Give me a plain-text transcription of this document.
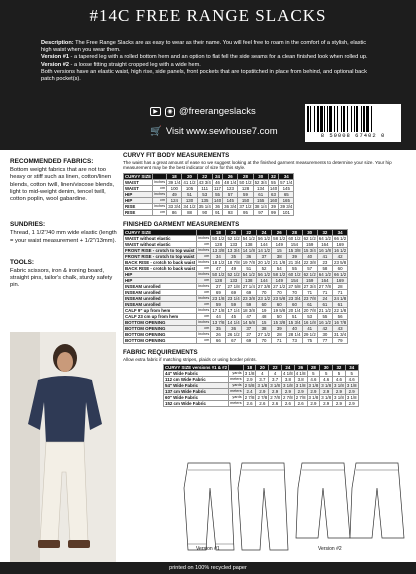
#14C FREE RANGE SLACKS

Description: The Free Range Slacks are as easy to wear as their name. You will feel free to roam in the comfort of a stylish, elastic high waist when you wear them.

Version #1 - a tapered leg with a rolled bottom hem and an option to flat fell the side seams for a clean finished look when rolled up.

Version #2 - a loose fitting straight cropped leg with a wide hem.

Both versions have an elastic waist, high rise, side panels, front pockets that are topstitched in place from behind, and optional back patch pocket(s).

▶	◉ @freerangeslacks
🛒 Visit www.sewhouse7.com	8 50008 67402 0
RECOMMENDED FABRICS:
Bottom weight fabrics that are not too heavy or stiff such as linen, cotton/linen blends, cotton twill, linen/viscose blends, light to mid-weight denim, tencel twill, cotton poplin, wool gabardine.
SUNDRIES:
Thread, 1 1/2"/40 mm wide elastic (length = your waist measurement + 1/2"/13mm).
TOOLS:
Fabric scissors, iron & ironing board, straight pins, tailor's chalk, sturdy safety pin.
CURVY FIT BODY MEASUREMENTS
The waist has a great amount of ease so we suggest looking at the finished garment measurements to determine your size. Your hip measurement may be the best indicator of size for this style.
CURVY SIZE		18	20	22	24	26	28	30	32	34
WAIST	inches	39 1/4	41 1/2	43 3/4	46	48 1/4	50 1/2	52 3/4	55	57 1/4
WAIST	cm	100	105	111	117	123	128	134	140	145
HIP	inches	49	51	53	55	57	59	61	63	65
HIP	cm	124	130	135	140	145	150	155	160	165
RISE	inches	33 3/4	34 1/2	35 1/4	36	36 3/4	37 1/2	38 1/4	39	39 3/4
RISE	cm	86	88	90	91	93	95	97	99	101
FINISHED GARMENT MEASUREMENTS
CURVY SIZE		18	20	22	24	26	28	30	32	34
WAIST without elastic	inches	50 1/2	52 1/2	54 1/2	56 1/2	58 1/2	60 1/2	62 1/2	64 1/2	66 1/2
WAIST without elastic	cm	128	133	138	144	149	154	159	164	169
FRONT RISE - crotch to top waist	inches	13 3/8	13 3/4	14 1/8	14 1/2	15	15 3/8	15 3/4	16 1/8	16 1/2
FRONT RISE - crotch to top waist	cm	34	35	36	37	38	39	40	41	42
BACK RISE - crotch to back waist	inches	18 1/2	18 7/8	19 7/8	20 1/2	21 1/8	21 3/4	22 3/8	23	23 5/8
BACK RISE - crotch to back waist	cm	47	49	51	52	54	55	57	58	60
HIP	inches	50 1/2	52 1/2	54 1/2	56 1/2	58 1/2	60 1/2	62 1/2	64 1/2	66 1/2
HIP	cm	128	133	138	144	149	154	159	164	169
INSEAM unrolled	inches	27	27 1/8	27 1/4	27 3/8	27 1/2	27 5/8	27 3/4	27 7/8	28
INSEAM unrolled	cm	69	69	69	70	70	70	71	71	71
INSEAM unrolled	inches	23 1/8	23 1/4	23 3/8	23 1/2	23 5/8	23 3/4	23 7/8	24	24 1/8
INSEAM unrolled	cm	59	59	59	60	60	60	61	61	61
CALF 9" up from hem	inches	17 1/8	17 1/4	18 3/8	19	19 5/8	20 1/4	20 7/8	21 1/2	22 1/8
CALF 23 cm up from hem	cm	44	45	47	48	50	51	53	55	56
BOTTOM OPENING	inches	13 7/8	14 1/4	14 5/8	15	15 3/8	15 3/4	16 1/8	16 1/2	16 7/8
BOTTOM OPENING	cm	35	36	37	38	39	40	41	42	43
BOTTOM OPENING	inches	26	26 1/2	27	27 1/2	28	28 1/4	29 1/2	30	31 3/4
BOTTOM OPENING	cm	66	67	69	70	71	73	75	77	79
FABRIC REQUIREMENTS
Allow extra fabric if matching stripes, plaids or using border prints.
CURVY SIZE versions #1 & #2		18	20	22	24	26	28	30	32	34
44" Wide Fabric	yards	3 1/8	4	4	4 1/8	4 1/8	5	5	5	5
112 cm Wide Fabric	meters	2.9	3.7	3.7	3.8	3.8	4.6	4.6	4.6	4.6
54" Wide Fabric	yards	2 5/8	3 1/8	3 1/8	3 1/8	3 1/8	3 1/8	3 1/8	3 1/8	3 1/8
137 cm Wide Fabric	meters	2.4	2.9	2.9	2.9	2.9	2.9	2.9	2.9	2.9
60" Wide Fabric	yards	2 7/8	2 7/8	2 7/8	2 7/8	2 7/8	3 1/8	3 1/8	3 1/8	3 1/8
152 cm Wide Fabric	meters	2.6	2.6	2.6	2.6	2.6	2.9	2.9	2.9	2.9
Version #1	Version #2
printed on 100% recycled paper
